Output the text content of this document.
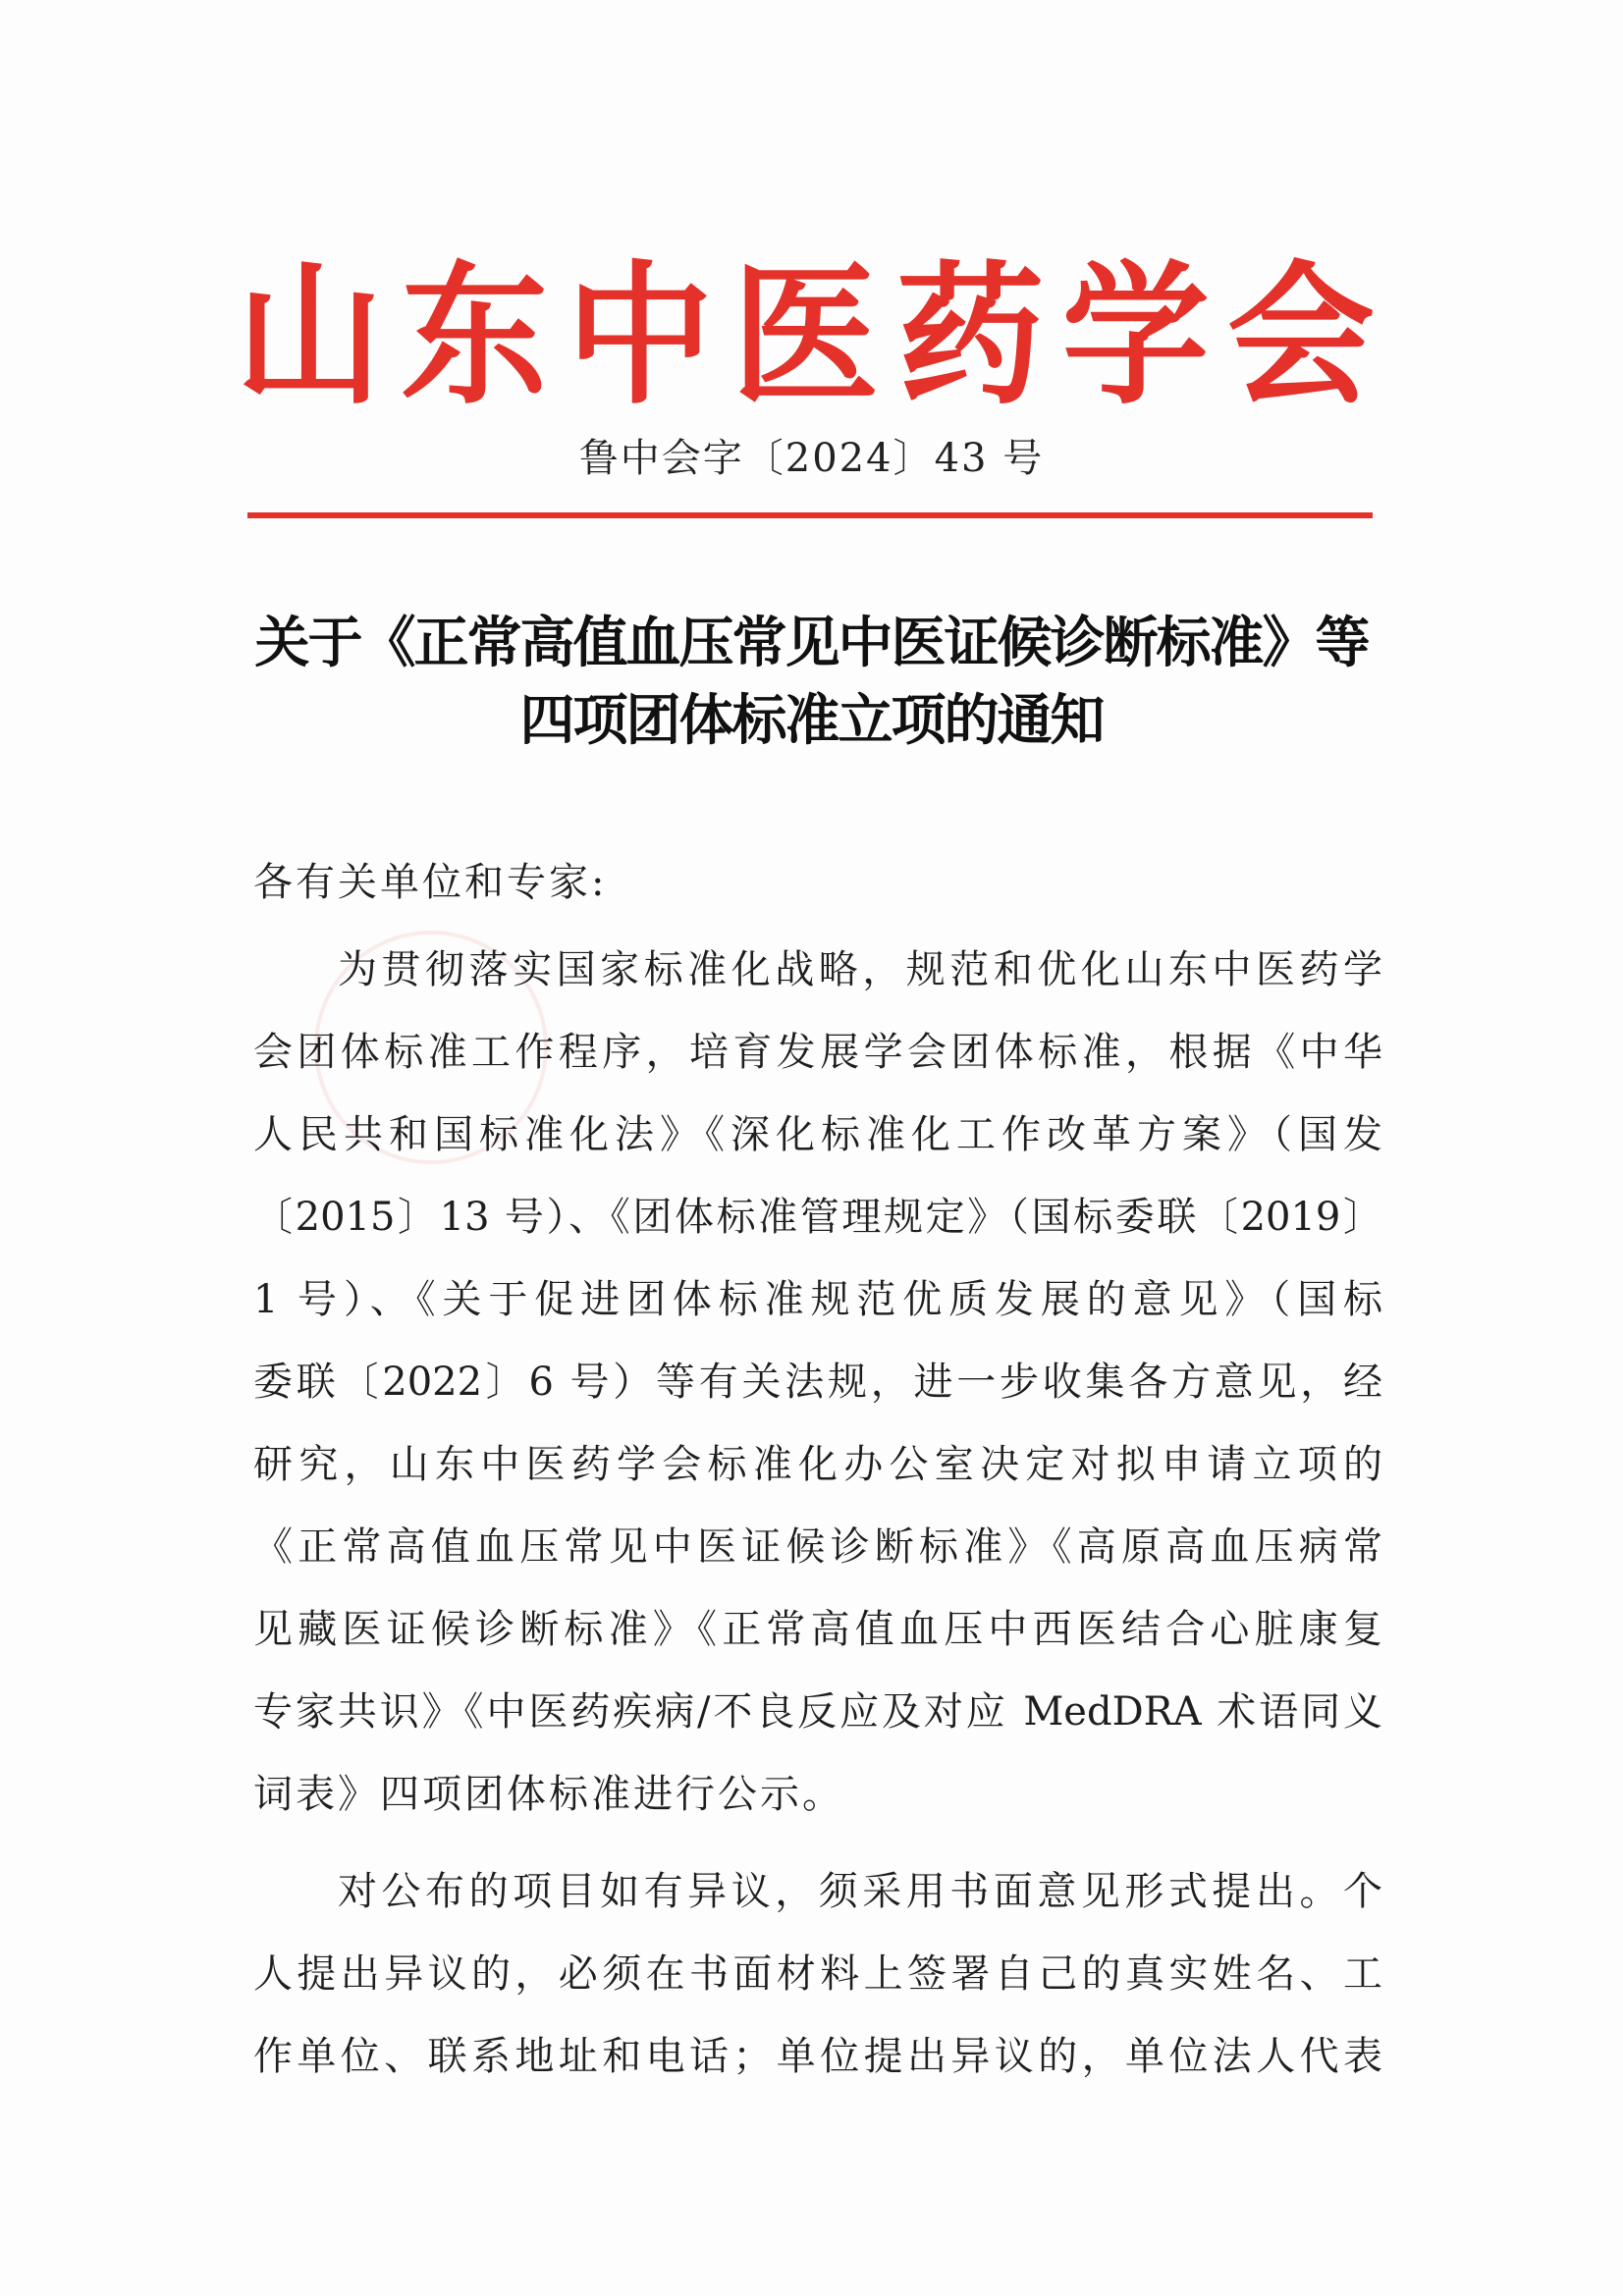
山 东 中 医 药 学 会
鲁中会字〔2024〕43 号
关于《正常高值血压常见中医证候诊断标准》等
四项团体标准立项的通知
各有关单位和专家:
为贯彻落实国家标准化战略，规范和优化山东中医药学
会团体标准工作程序，培育发展学会团体标准，根据《中华
人民共和国标准化法》《深化标准化工作改革方案》（国发
〔2015〕13 号）、《团体标准管理规定》（国标委联〔2019〕
1 号）、《关于促进团体标准规范优质发展的意见》（国标
委联〔2022〕6 号）等有关法规，进一步收集各方意见，经
研究，山东中医药学会标准化办公室决定对拟申请立项的
《正常高值血压常见中医证候诊断标准》《高原高血压病常
见藏医证候诊断标准》《正常高值血压中西医结合心脏康复
专家共识》《中医药疾病/不良反应及对应 MedDRA 术语同义
词表》四项团体标准进行公示。
对公布的项目如有异议，须采用书面意见形式提出。个
人提出异议的，必须在书面材料上签署自己的真实姓名、工
作单位、联系地址和电话；单位提出异议的，单位法人代表
